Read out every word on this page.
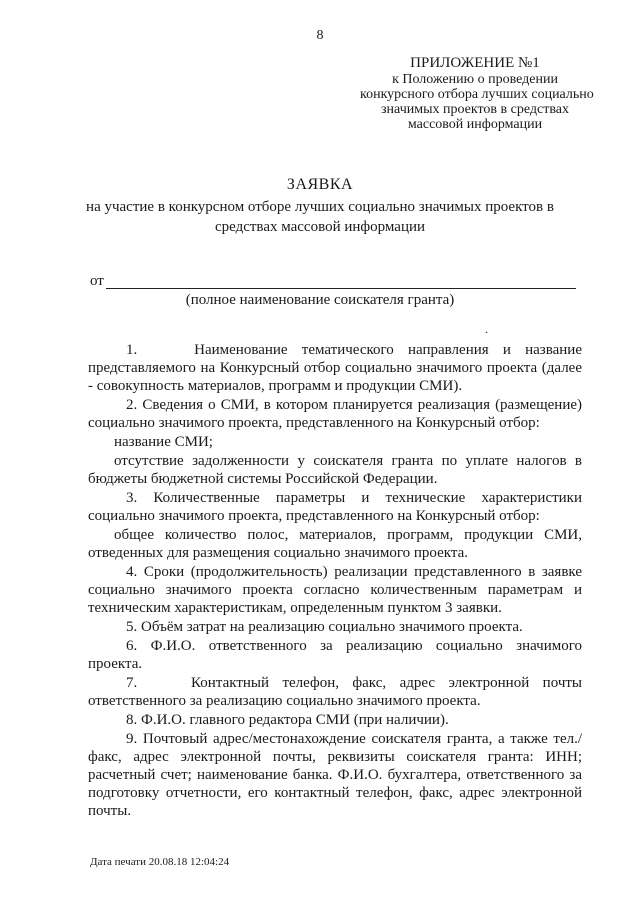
8
ПРИЛОЖЕНИЕ №1
к Положению о проведении
конкурсного отбора лучших социально
значимых проектов в средствах
массовой информации
ЗАЯВКА
на участие в конкурсном отборе лучших социально значимых проектов в
средствах массовой информации
от
(полное наименование соискателя гранта)
.

1.    Наименование тематического направления и название представляемого на Конкурсный отбор социально значимого проекта (далее - совокупность материалов, программ и продукции СМИ).

2. Сведения о СМИ, в котором планируется реализация (размещение) социально значимого проекта, представленного на Конкурсный отбор:

название СМИ;

отсутствие задолженности у соискателя гранта по уплате налогов в бюджеты бюджетной системы Российской Федерации.

3. Количественные параметры и технические характеристики социально значимого проекта, представленного на Конкурсный отбор:

общее количество полос, материалов, программ, продукции СМИ, отведенных для размещения социально значимого проекта.

4. Сроки (продолжительность) реализации представленного в заявке социально значимого проекта согласно количественным параметрам и техническим характеристикам, определенным пунктом 3 заявки.

5. Объём затрат на реализацию социально значимого проекта.

6. Ф.И.О. ответственного за реализацию социально значимого проекта.

7.    Контактный телефон, факс, адрес электронной почты ответственного за реализацию социально значимого проекта.

8. Ф.И.О. главного редактора СМИ (при наличии).

9. Почтовый адрес/местонахождение соискателя гранта, а также тел./факс, адрес электронной почты, реквизиты соискателя гранта: ИНН; расчетный счет; наименование банка. Ф.И.О. бухгалтера, ответственного за подготовку отчетности, его контактный телефон, факс, адрес электронной почты.

Дата печати 20.08.18 12:04:24
